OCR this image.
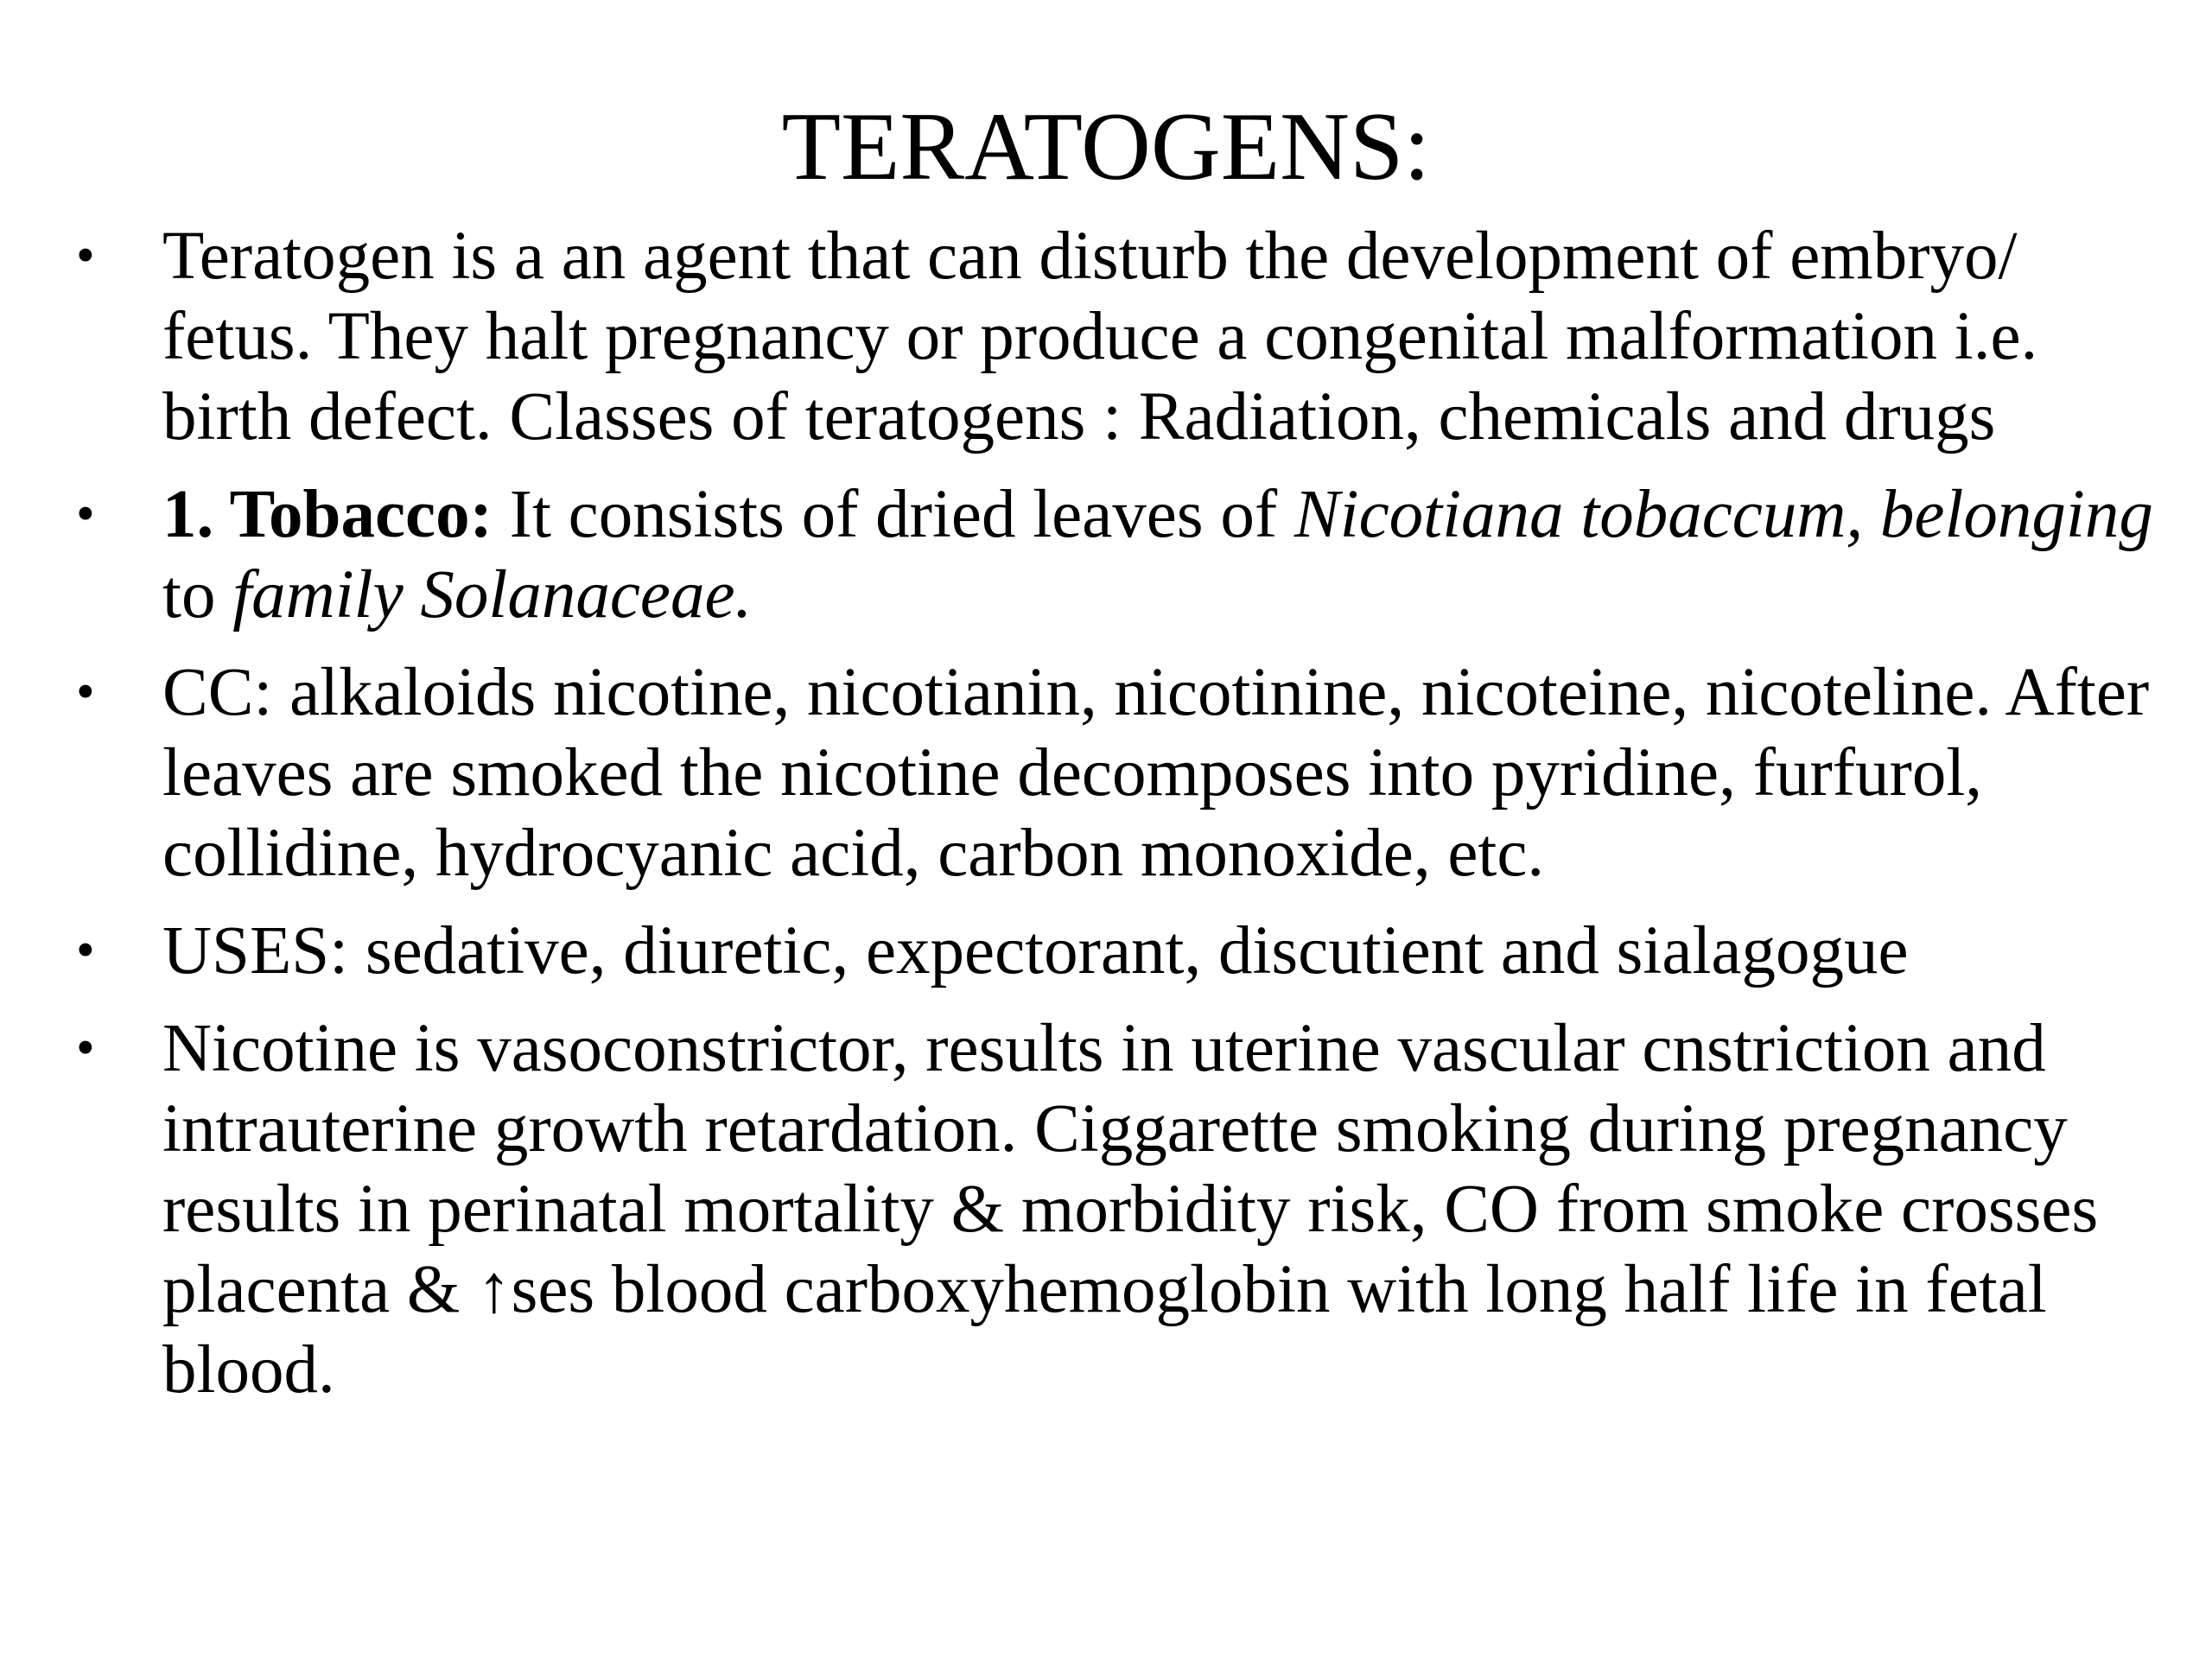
TERATOGENS:
• Teratogen is a an agent that can disturb the development of embryo/ fetus. They halt pregnancy or produce a congenital malformation i.e. birth defect. Classes of teratogens : Radiation, chemicals and drugs
• 1. Tobacco: It consists of dried leaves of Nicotiana tobaccum, belonging to family Solanaceae.
• CC: alkaloids nicotine, nicotianin, nicotinine, nicoteine, nicoteline. After leaves are smoked the nicotine decomposes into pyridine, furfurol, collidine, hydrocyanic acid, carbon monoxide, etc.
• USES: sedative, diuretic, expectorant, discutient and sialagogue
• Nicotine is vasoconstrictor, results in uterine vascular cnstriction and intrauterine growth retardation. Ciggarette smoking during pregnancy results in perinatal mortality & morbidity risk, CO from smoke crosses placenta & ↑ses blood carboxyhemoglobin with long half life in fetal blood.
